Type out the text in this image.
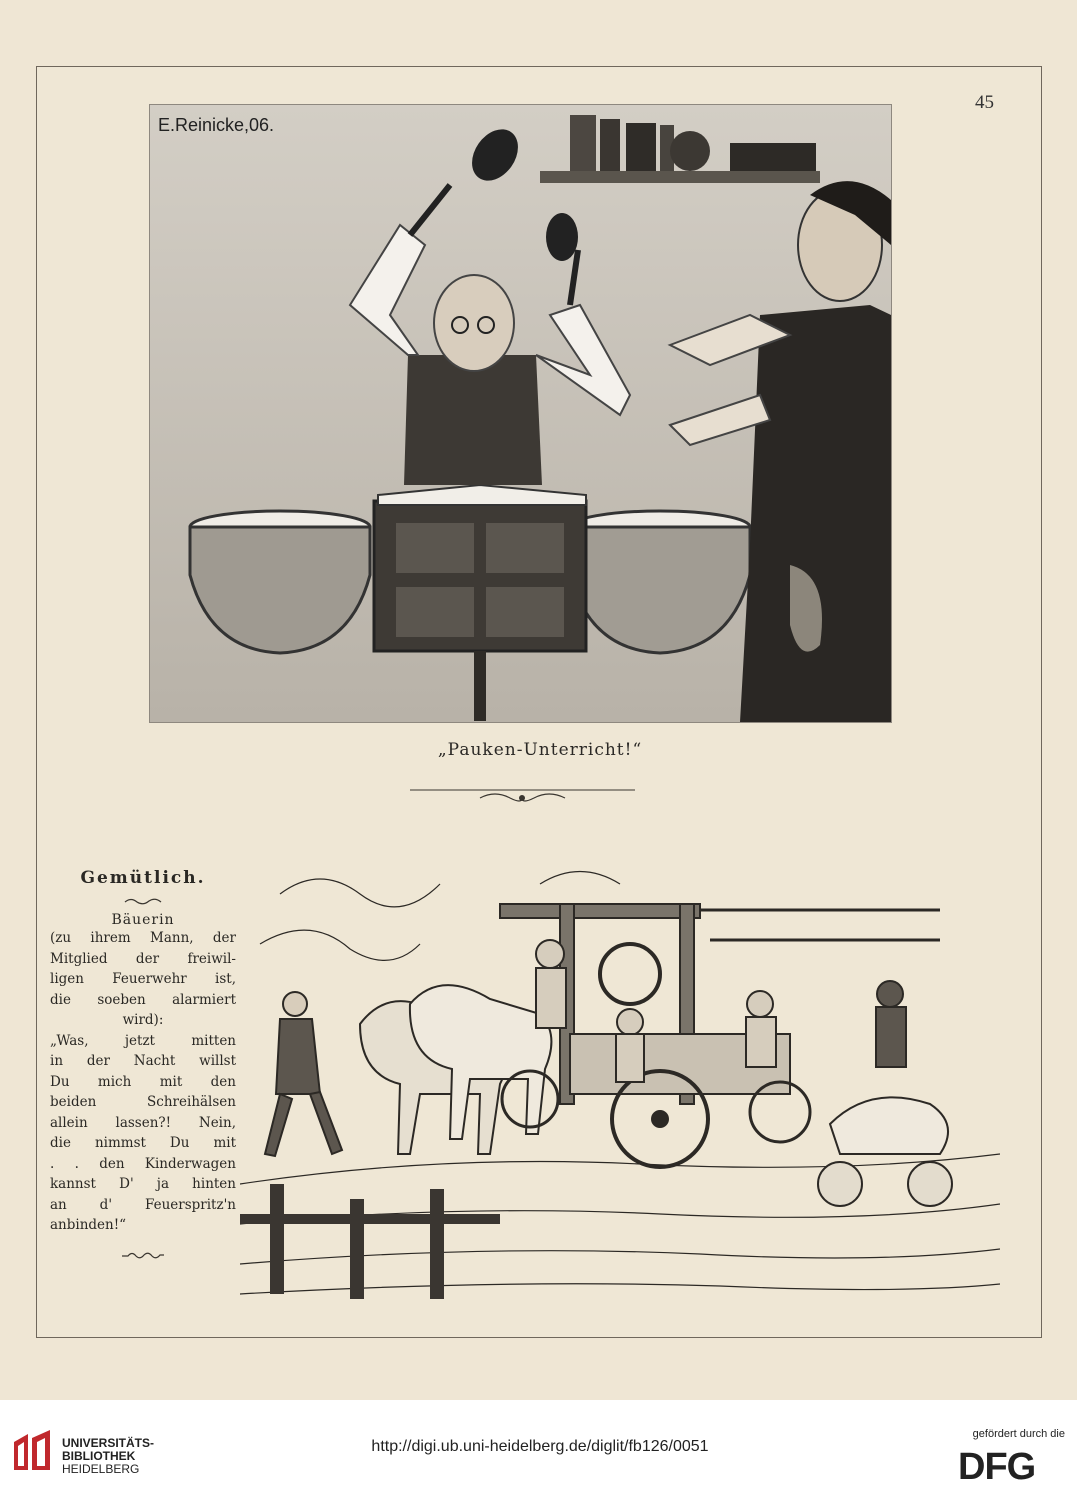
45
E.Reinicke,06.
„Pauken-Unterricht!“

Gemütlich.

Bäuerin
(zu ihrem Mann, der
Mitglied der freiwil-
ligen Feuerwehr ist,
die soeben alarmiert
wird):
„Was, jetzt mitten
in der Nacht willst
Du mich mit den
beiden Schreihälsen
allein lassen?! Nein,
die nimmst Du mit
. . den Kinderwagen
kannst D' ja hinten
an d' Feuerspritz'n
anbinden!“
UNIVERSITÄTS-
BIBLIOTHEK
HEIDELBERG
http://digi.ub.uni-heidelberg.de/diglit/fb126/0051
gefördert durch die
DFG
